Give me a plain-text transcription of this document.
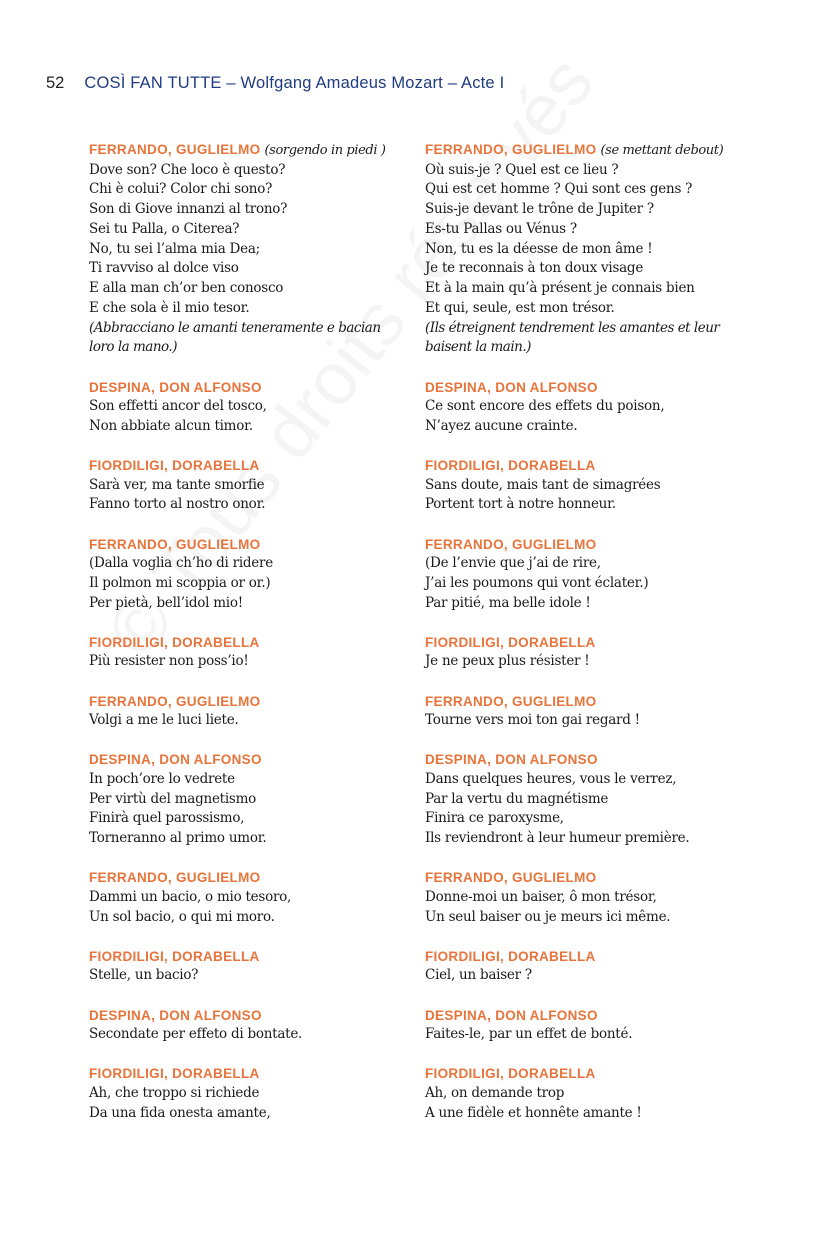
52 COSÌ FAN TUTTE – Wolfgang Amadeus Mozart – Acte I
FERRANDO, GUGLIELMO (sorgendo in piedi )
Dove son? Che loco è questo?
Chi è colui? Color chi sono?
Son di Giove innanzi al trono?
Sei tu Palla, o Citerea?
No, tu sei l’alma mia Dea;
Ti ravviso al dolce viso
E alla man ch’or ben conosco
E che sola è il mio tesor.
(Abbracciano le amanti teneramente e bacian
loro la mano.)
DESPINA, DON ALFONSO
Son effetti ancor del tosco,
Non abbiate alcun timor.
FIORDILIGI, DORABELLA
Sarà ver, ma tante smorfie
Fanno torto al nostro onor.
FERRANDO, GUGLIELMO
(Dalla voglia ch’ho di ridere
Il polmon mi scoppia or or.)
Per pietà, bell’idol mio!
FIORDILIGI, DORABELLA
Più resister non poss’io!
FERRANDO, GUGLIELMO
Volgi a me le luci liete.
DESPINA, DON ALFONSO
In poch’ore lo vedrete
Per virtù del magnetismo
Finirà quel parossismo,
Torneranno al primo umor.
FERRANDO, GUGLIELMO
Dammi un bacio, o mio tesoro,
Un sol bacio, o qui mi moro.
FIORDILIGI, DORABELLA
Stelle, un bacio?
DESPINA, DON ALFONSO
Secondate per effeto di bontate.
FIORDILIGI, DORABELLA
Ah, che troppo si richiede
Da una fida onesta amante,
FERRANDO, GUGLIELMO (se mettant debout)
Où suis-je ? Quel est ce lieu ?
Qui est cet homme ? Qui sont ces gens ?
Suis-je devant le trône de Jupiter ?
Es-tu Pallas ou Vénus ?
Non, tu es la déesse de mon âme !
Je te reconnais à ton doux visage
Et à la main qu’à présent je connais bien
Et qui, seule, est mon trésor.
(Ils étreignent tendrement les amantes et leur
baisent la main.)
DESPINA, DON ALFONSO
Ce sont encore des effets du poison,
N’ayez aucune crainte.
FIORDILIGI, DORABELLA
Sans doute, mais tant de simagrées
Portent tort à notre honneur.
FERRANDO, GUGLIELMO
(De l’envie que j’ai de rire,
J’ai les poumons qui vont éclater.)
Par pitié, ma belle idole !
FIORDILIGI, DORABELLA
Je ne peux plus résister !
FERRANDO, GUGLIELMO
Tourne vers moi ton gai regard !
DESPINA, DON ALFONSO
Dans quelques heures, vous le verrez,
Par la vertu du magnétisme
Finira ce paroxysme,
Ils reviendront à leur humeur première.
FERRANDO, GUGLIELMO
Donne-moi un baiser, ô mon trésor,
Un seul baiser ou je meurs ici même.
FIORDILIGI, DORABELLA
Ciel, un baiser ?
DESPINA, DON ALFONSO
Faites-le, par un effet de bonté.
FIORDILIGI, DORABELLA
Ah, on demande trop
A une fidèle et honnête amante !
